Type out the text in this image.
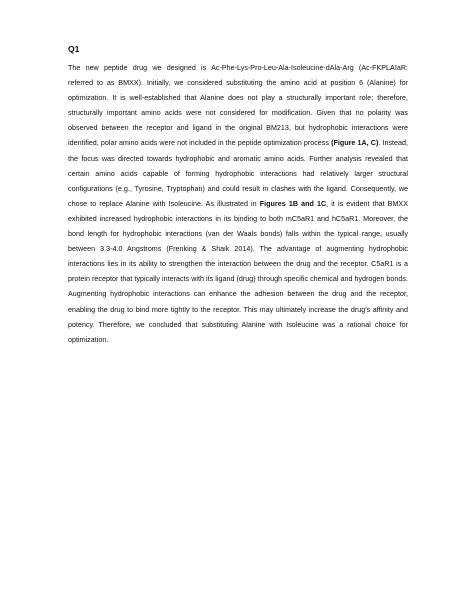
Q1

The new peptide drug we designed is Ac-Phe-Lys-Pro-Leu-Ala-Isoleucine-dAla-Arg (Ac-FKPLAIaR: referred to as BMXX). Initially, we considered substituting the amino acid at position 6 (Alanine) for optimization. It is well-established that Alanine does not play a structurally important role; therefore, structurally important amino acids were not considered for modification. Given that no polarity was observed between the receptor and ligand in the original BM213, but hydrophobic interactions were identified, polar amino acids were not included in the peptide optimization process (Figure 1A, C). Instead, the focus was directed towards hydrophobic and aromatic amino acids. Further analysis revealed that certain amino acids capable of forming hydrophobic interactions had relatively larger structural configurations (e.g., Tyrosine, Tryptophan) and could result in clashes with the ligand. Consequently, we chose to replace Alanine with Isoleucine. As illustrated in Figures 1B and 1C, it is evident that BMXX exhibited increased hydrophobic interactions in its binding to both mC5aR1 and hC5aR1. Moreover, the bond length for hydrophobic interactions (van der Waals bonds) falls within the typical range, usually between 3.3-4.0 Angstroms (Frenking & Shaik 2014). The advantage of augmenting hydrophobic interactions lies in its ability to strengthen the interaction between the drug and the receptor. C5aR1 is a protein receptor that typically interacts with its ligand (drug) through specific chemical and hydrogen bonds. Augmenting hydrophobic interactions can enhance the adhesion between the drug and the receptor, enabling the drug to bind more tightly to the receptor. This may ultimately increase the drug's affinity and potency. Therefore, we concluded that substituting Alanine with Isoleucine was a rational choice for optimization.
